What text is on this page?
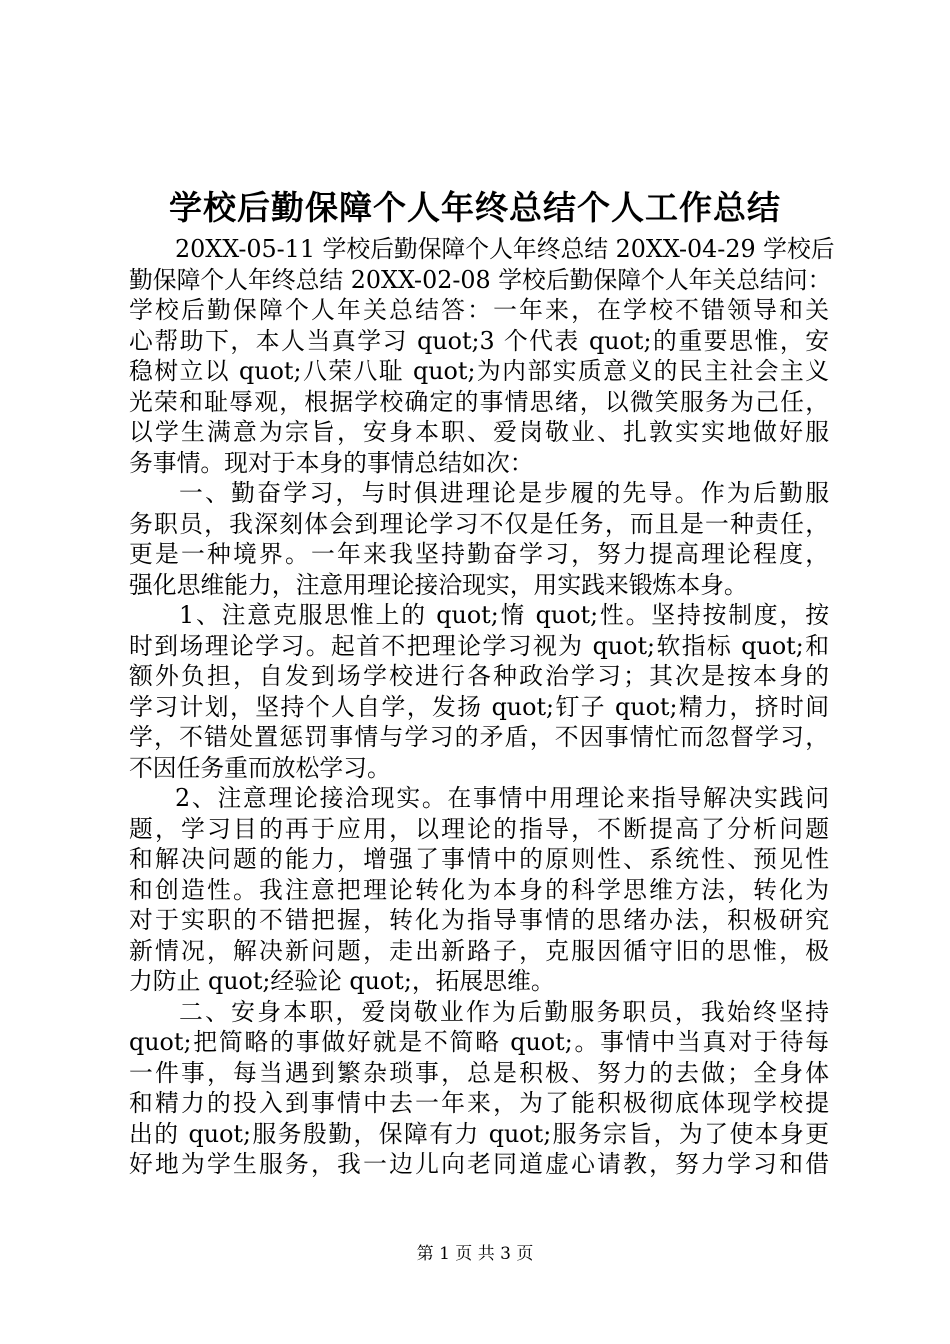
学校后勤保障个人年终总结个人工作总结
20XX-05-11 学校后勤保障个人年终总结 20XX-04-29 学校后
勤保障个人年终总结 20XX-02-08 学校后勤保障个人年关总结问：
学校后勤保障个人年关总结答：一年来，在学校不错领导和关
心帮助下，本人当真学习 quot;3 个代表 quot;的重要思惟，安
稳树立以 quot;八荣八耻 quot;为内部实质意义的民主社会主义
光荣和耻辱观，根据学校确定的事情思绪，以微笑服务为己任，
以学生满意为宗旨，安身本职、爱岗敬业、扎敦实实地做好服
务事情。现对于本身的事情总结如次：
一、勤奋学习，与时俱进理论是步履的先导。作为后勤服
务职员，我深刻体会到理论学习不仅是任务，而且是一种责任，
更是一种境界。一年来我坚持勤奋学习，努力提高理论程度，
强化思维能力，注意用理论接洽现实，用实践来锻炼本身。
1、注意克服思惟上的 quot;惰 quot;性。坚持按制度，按
时到场理论学习。起首不把理论学习视为 quot;软指标 quot;和
额外负担，自发到场学校进行各种政治学习；其次是按本身的
学习计划，坚持个人自学，发扬 quot;钉子 quot;精力，挤时间
学，不错处置惩罚事情与学习的矛盾，不因事情忙而忽督学习，
不因任务重而放松学习。
2、注意理论接洽现实。在事情中用理论来指导解决实践问
题，学习目的再于应用，以理论的指导，不断提高了分析问题
和解决问题的能力，增强了事情中的原则性、系统性、预见性
和创造性。我注意把理论转化为本身的科学思维方法，转化为
对于实职的不错把握，转化为指导事情的思绪办法，积极研究
新情况，解决新问题，走出新路子，克服因循守旧的思惟，极
力防止 quot;经验论 quot;，拓展思维。
二、安身本职，爱岗敬业作为后勤服务职员，我始终坚持
quot;把简略的事做好就是不简略 quot;。事情中当真对于待每
一件事，每当遇到繁杂琐事，总是积极、努力的去做；全身体
和精力的投入到事情中去一年来，为了能积极彻底体现学校提
出的 quot;服务殷勤，保障有力 quot;服务宗旨，为了使本身更
好地为学生服务，我一边儿向老同道虚心请教，努力学习和借
第 1 页 共 3 页
